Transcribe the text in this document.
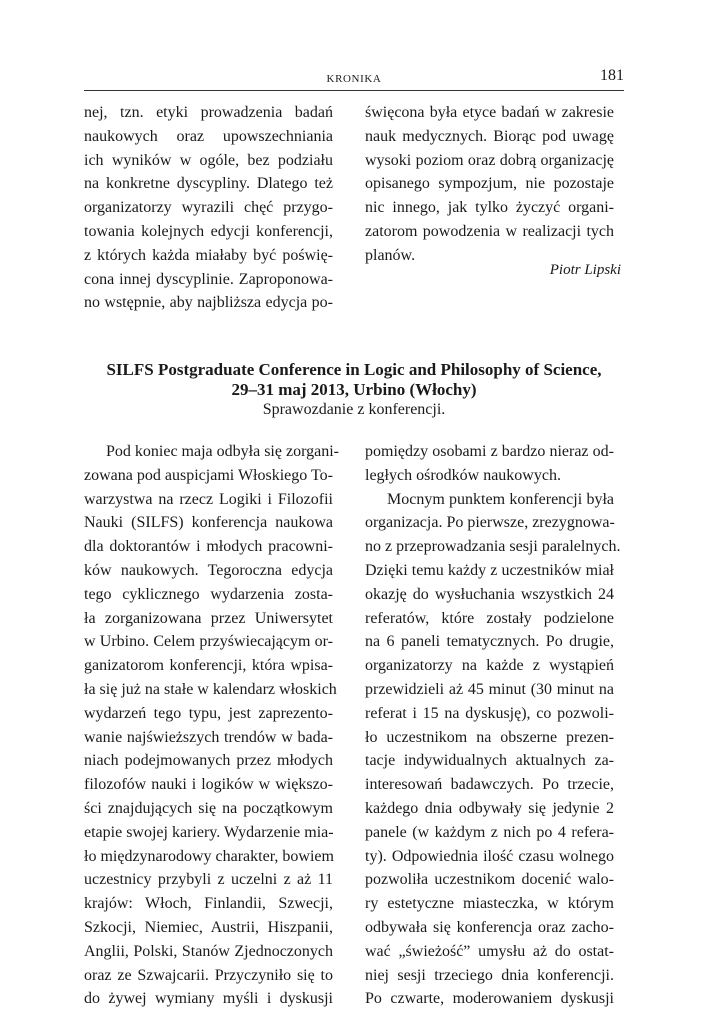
KRONIKA	181
nej, tzn. etyki prowadzenia badań
naukowych oraz upowszechniania
ich wyników w ogóle, bez podziału
na konkretne dyscypliny. Dlatego też
organizatorzy wyrazili chęć przygo-
towania kolejnych edycji konferencji,
z których każda miałaby być poświę-
cona innej dyscyplinie. Zaproponowa-
no wstępnie, aby najbliższa edycja po-
święcona była etyce badań w zakresie
nauk medycznych. Biorąc pod uwagę
wysoki poziom oraz dobrą organizację
opisanego sympozjum, nie pozostaje
nic innego, jak tylko życzyć organi-
zatorom powodzenia w realizacji tych
planów.
Piotr Lipski
SILFS Postgraduate Conference in Logic and Philosophy of Science,
29–31 maj 2013, Urbino (Włochy)
Sprawozdanie z konferencji.
Pod koniec maja odbyła się zorgani-
zowana pod auspicjami Włoskiego To-
warzystwa na rzecz Logiki i Filozofii
Nauki (SILFS) konferencja naukowa
dla doktorantów i młodych pracowni-
ków naukowych. Tegoroczna edycja
tego cyklicznego wydarzenia zosta-
ła zorganizowana przez Uniwersytet
w Urbino. Celem przyświecającym or-
ganizatorom konferencji, która wpisa-
ła się już na stałe w kalendarz włoskich
wydarzeń tego typu, jest zaprezento-
wanie najświeższych trendów w bada-
niach podejmowanych przez młodych
filozofów nauki i logików w większo-
ści znajdujących się na początkowym
etapie swojej kariery. Wydarzenie mia-
ło międzynarodowy charakter, bowiem
uczestnicy przybyli z uczelni z aż 11
krajów: Włoch, Finlandii, Szwecji,
Szkocji, Niemiec, Austrii, Hiszpanii,
Anglii, Polski, Stanów Zjednoczonych
oraz ze Szwajcarii. Przyczyniło się to
do żywej wymiany myśli i dyskusji
pomiędzy osobami z bardzo nieraz od-
ległych ośrodków naukowych.
Mocnym punktem konferencji była
organizacja. Po pierwsze, zrezygnowa-
no z przeprowadzania sesji paralelnych.
Dzięki temu każdy z uczestników miał
okazję do wysłuchania wszystkich 24
referatów, które zostały podzielone
na 6 paneli tematycznych. Po drugie,
organizatorzy na każde z wystąpień
przewidzieli aż 45 minut (30 minut na
referat i 15 na dyskusję), co pozwoli-
ło uczestnikom na obszerne prezen-
tacje indywidualnych aktualnych za-
interesowań badawczych. Po trzecie,
każdego dnia odbywały się jedynie 2
panele (w każdym z nich po 4 refera-
ty). Odpowiednia ilość czasu wolnego
pozwoliła uczestnikom docenić walo-
ry estetyczne miasteczka, w którym
odbywała się konferencja oraz zacho-
wać „świeżość” umysłu aż do ostat-
niej sesji trzeciego dnia konferencji.
Po czwarte, moderowaniem dyskusji
